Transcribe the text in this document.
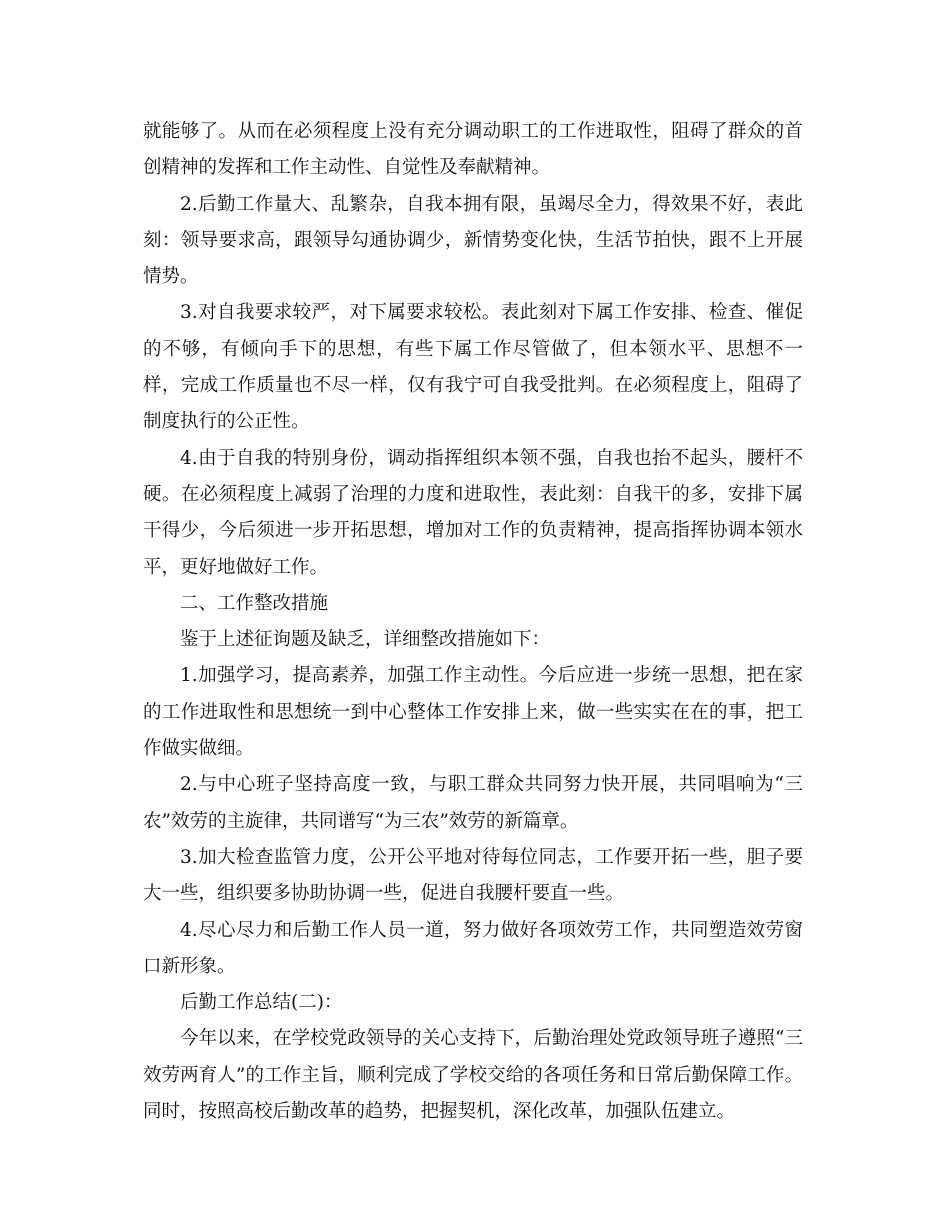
就能够了。从而在必须程度上没有充分调动职工的工作进取性，阻碍了群众的首创精神的发挥和工作主动性、自觉性及奉献精神。

2.后勤工作量大、乱繁杂，自我本拥有限，虽竭尽全力，得效果不好，表此刻：领导要求高，跟领导勾通协调少，新情势变化快，生活节拍快，跟不上开展情势。

3.对自我要求较严，对下属要求较松。表此刻对下属工作安排、检查、催促的不够，有倾向手下的思想，有些下属工作尽管做了，但本领水平、思想不一样，完成工作质量也不尽一样，仅有我宁可自我受批判。在必须程度上，阻碍了制度执行的公正性。

4.由于自我的特别身份，调动指挥组织本领不强，自我也抬不起头，腰杆不硬。在必须程度上减弱了治理的力度和进取性，表此刻：自我干的多，安排下属干得少，今后须进一步开拓思想，增加对工作的负责精神，提高指挥协调本领水平，更好地做好工作。

二、工作整改措施

鉴于上述征询题及缺乏，详细整改措施如下：

1.加强学习，提高素养，加强工作主动性。今后应进一步统一思想，把在家的工作进取性和思想统一到中心整体工作安排上来，做一些实实在在的事，把工作做实做细。

2.与中心班子坚持高度一致，与职工群众共同努力快开展，共同唱响为“三农”效劳的主旋律，共同谱写“为三农”效劳的新篇章。

3.加大检查监管力度，公开公平地对待每位同志，工作要开拓一些，胆子要大一些，组织要多协助协调一些，促进自我腰杆要直一些。

4.尽心尽力和后勤工作人员一道，努力做好各项效劳工作，共同塑造效劳窗口新形象。

后勤工作总结(二)：

今年以来，在学校党政领导的关心支持下，后勤治理处党政领导班子遵照“三效劳两育人”的工作主旨，顺利完成了学校交给的各项任务和日常后勤保障工作。同时，按照高校后勤改革的趋势，把握契机，深化改革，加强队伍建立。
